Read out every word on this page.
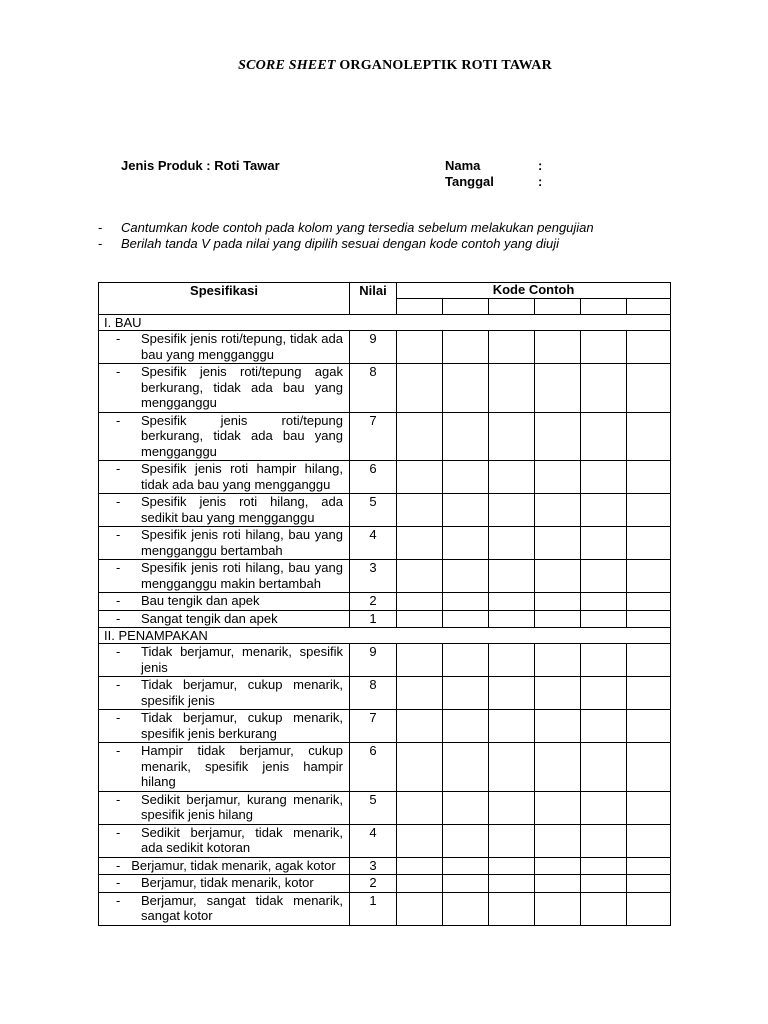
SCORE SHEET ORGANOLEPTIK ROTI TAWAR
Jenis Produk : Roti Tawar	Nama	:
Tanggal	:
- Cantumkan kode contoh pada kolom yang tersedia sebelum melakukan pengujian
- Berilah tanda V pada nilai yang dipilih sesuai dengan kode contoh yang diuji
Spesifikasi	Nilai	Kode Contoh					

I. BAU							

- Spesifik jenis roti/tepung, tidak ada bau yang mengganggu	9						

- Spesifik jenis roti/tepung agak berkurang, tidak ada bau yang mengganggu	8						

- Spesifik jenis roti/tepung berkurang, tidak ada bau yang mengganggu	7						

- Spesifik jenis roti hampir hilang, tidak ada bau yang mengganggu	6						

- Spesifik jenis roti hilang, ada sedikit bau yang mengganggu	5						

- Spesifik jenis roti hilang, bau yang mengganggu bertambah	4						

- Spesifik jenis roti hilang, bau yang mengganggu makin bertambah	3						

- Bau tengik dan apek	2						

- Sangat tengik dan apek	1						
II. PENAMPAKAN							

- Tidak berjamur, menarik, spesifik jenis	9						

- Tidak berjamur, cukup menarik, spesifik jenis	8						

- Tidak berjamur, cukup menarik, spesifik jenis berkurang	7						

- Hampir tidak berjamur, cukup menarik, spesifik jenis hampir hilang	6						

- Sedikit berjamur, kurang menarik, spesifik jenis hilang	5						

- Sedikit berjamur, tidak menarik, ada sedikit kotoran	4						
- Berjamur, tidak menarik, agak kotor	3						

- Berjamur, tidak menarik, kotor	2						

- Berjamur, sangat tidak menarik, sangat kotor	1						
